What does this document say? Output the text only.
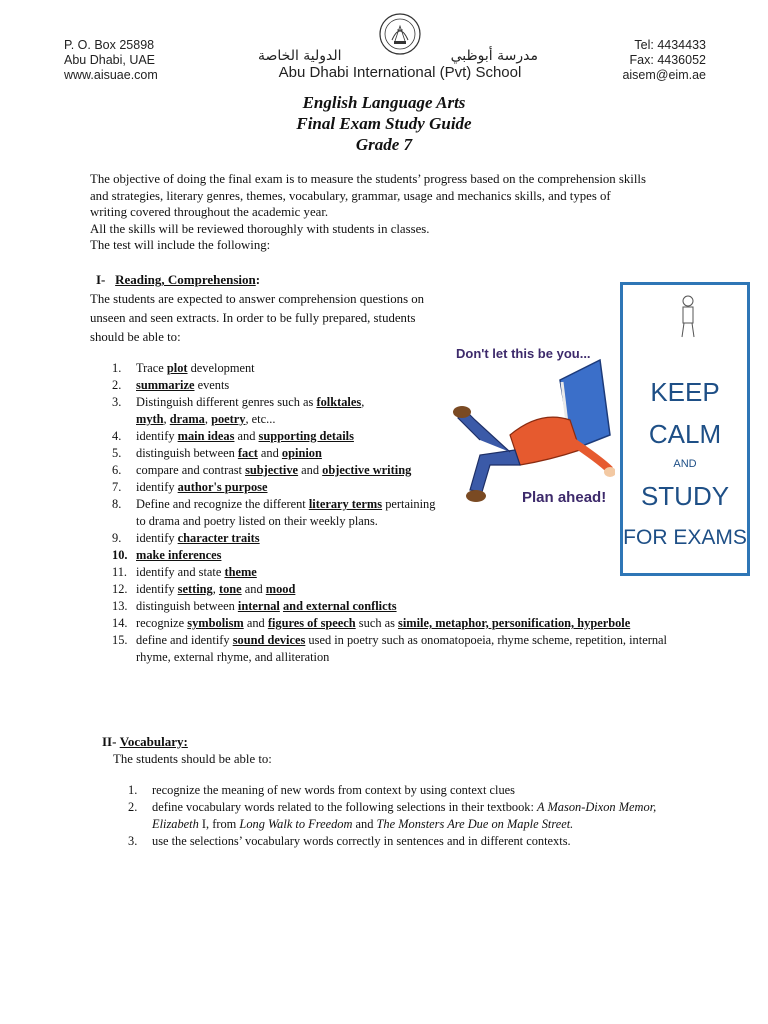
P. O. Box 25898
Abu Dhabi, UAE
www.aisuae.com
Tel: 4434433
Fax: 4436052
aisem@eim.ae
الدولية الخاصة	مدرسة أبوظبي
Abu Dhabi International (Pvt) School
English Language Arts
Final Exam Study Guide
Grade 7
The objective of doing the final exam is to measure the students’ progress based on the comprehension skills and strategies, literary genres, themes, vocabulary, grammar, usage and mechanics skills, and types of writing covered throughout the academic year.
All the skills will be reviewed thoroughly with students in classes.
The test will include the following:
I- Reading, Comprehension:
The students are expected to answer comprehension questions on unseen and seen extracts. In order to be fully prepared, students should be able to:
1. Trace plot development
2. summarize events
3. Distinguish different genres such as folktales,
myth, drama, poetry, etc...
4. identify main ideas and supporting details
5. distinguish between fact and opinion
6. compare and contrast subjective and objective writing
7. identify author's purpose
8. Define and recognize the different literary terms pertaining to drama and poetry listed on their weekly plans.
9. identify character traits
10. make inferences
11. identify and state theme
12. identify setting, tone and mood
13. distinguish between internal and external conflicts
14. recognize symbolism and figures of speech such as simile, metaphor, personification, hyperbole
15. define and identify sound devices used in poetry such as onomatopoeia, rhyme scheme, repetition, internal rhyme, external rhyme, and alliteration
Don't let this be you...
Plan ahead!
KEEP
CALM
AND
STUDY
FOR EXAMS
II- Vocabulary:
The students should be able to:
1. recognize the meaning of new words from context by using context clues
2. define vocabulary words related to the following selections in their textbook: A Mason-Dixon Memor, Elizabeth I, from Long Walk to Freedom and The Monsters Are Due on Maple Street.
3. use the selections’ vocabulary words correctly in sentences and in different contexts.
